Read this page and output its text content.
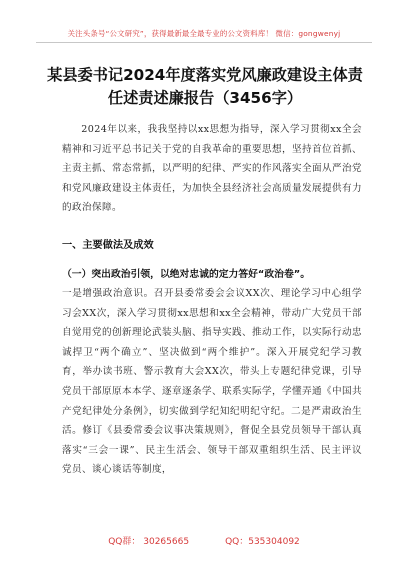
关注头条号“公文研究”，获得最新最全最专业的公文资料库！ 微信：gongwenyj
某县委书记2024年度落实党风廉政建设主体责任述责述廉报告（3456字）
2024年以来，我我坚持以xx思想为指导，深入学习贯彻xx全会精神和习近平总书记关于党的自我革命的重要思想，坚持首位首抓、主责主抓、常态常抓，以严明的纪律、严实的作风落实全面从严治党和党风廉政建设主体责任，为加快全县经济社会高质量发展提供有力的政治保障。
一、主要做法及成效
（一）突出政治引领，以绝对忠诚的定力答好“政治卷”。
一是增强政治意识。召开县委常委会会议XX次、理论学习中心组学习会XX次，深入学习贯彻xx思想和xx全会精神，带动广大党员干部自觉用党的创新理论武装头脑、指导实践、推动工作，以实际行动忠诚捍卫“两个确立”、坚决做到“两个维护”。深入开展党纪学习教育，举办读书班、警示教育大会XX次，带头上专题纪律党课，引导党员干部原原本本学、逐章逐条学、联系实际学，学懂弄通《中国共产党纪律处分条例》，切实做到学纪知纪明纪守纪。二是严肃政治生活。修订《县委常委会议事决策规则》，督促全县党员领导干部认真落实“三会一课”、民主生活会、领导干部双重组织生活、民主评议党员、谈心谈话等制度，
QQ群： 30265665	QQ：535304092
